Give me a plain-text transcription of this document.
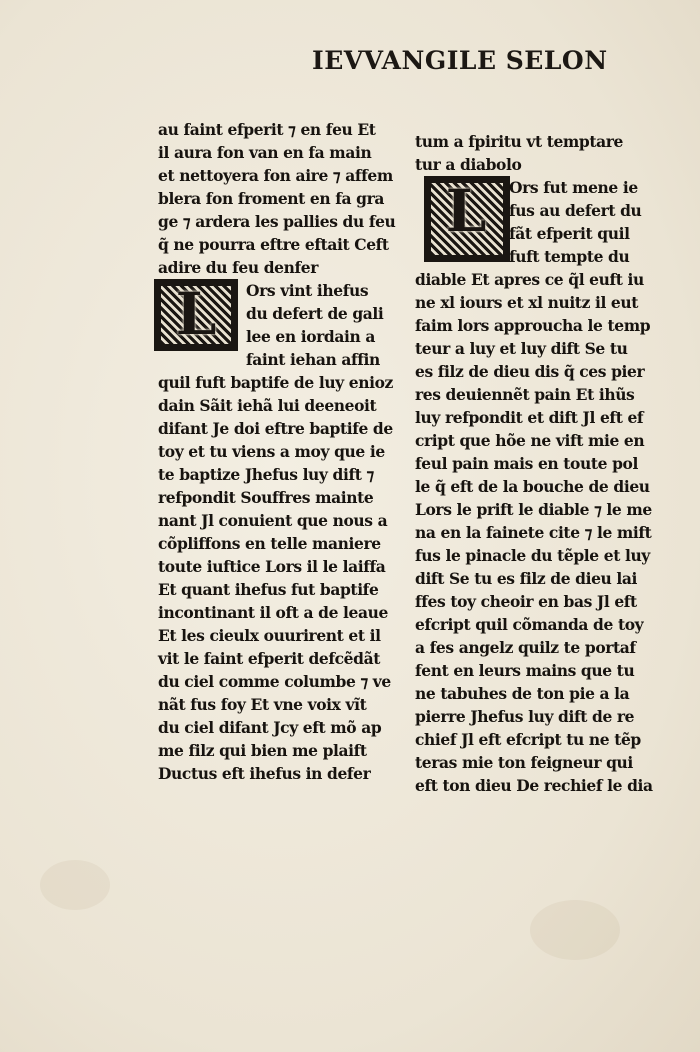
IEVVANGILE SELON
L
L
au faint efperit ⁊ en feu Et
il aura fon van en fa main
et nettoyera fon aire ⁊ affem
blera fon froment en fa gra
ge ⁊ ardera les pallies du feu
q̃ ne pourra eftre eftait Ceft
adire du feu denfer
Ors vint ihefus
du defert de gali
lee en iordain a
faint iehan affin
quil fuft baptife de luy enioz
dain Sãit iehã lui deeneoit
difant Je doi eftre baptife de
toy et tu viens a moy que ie
te baptize Jhefus luy dift ⁊
refpondit Souffres mainte
nant Jl conuient que nous a
cõpliffons en telle maniere
toute iuftice Lors il le laiffa
Et quant ihefus fut baptife
incontinant il oft a de leaue
Et les cieulx ouurirent et il
vit le faint efperit defcẽdãt
du ciel comme columbe ⁊ ve
nãt fus foy Et vne voix vĩt
du ciel difant Jcy eft mõ ap
me filz qui bien me plaift
Ductus eft ihefus in defer
tum a fpiritu vt temptare
tur a diabolo
Ors fut mene ie
fus au defert du
fãt efperit quil
fuft tempte du
diable Et apres ce q̃l euft iu
ne xl iours et xl nuitz il eut
faim lors approucha le temp
teur a luy et luy dift Se tu
es filz de dieu dis q̃ ces pier
res deuiennẽt pain Et ihũs
luy refpondit et dift Jl eft ef
cript que hõe ne vift mie en
feul pain mais en toute pol
le q̃ eft de la bouche de dieu
Lors le prift le diable ⁊ le me
na en la fainete cite ⁊ le mift
fus le pinacle du tẽple et luy
dift Se tu es filz de dieu lai
ffes toy cheoir en bas Jl eft
efcript quil cõmanda de toy
a fes angelz quilz te portaf
fent en leurs mains que tu
ne tabuhes de ton pie a la
pierre Jhefus luy dift de re
chief Jl eft efcript tu ne tẽp
teras mie ton feigneur qui
eft ton dieu De rechief le dia
